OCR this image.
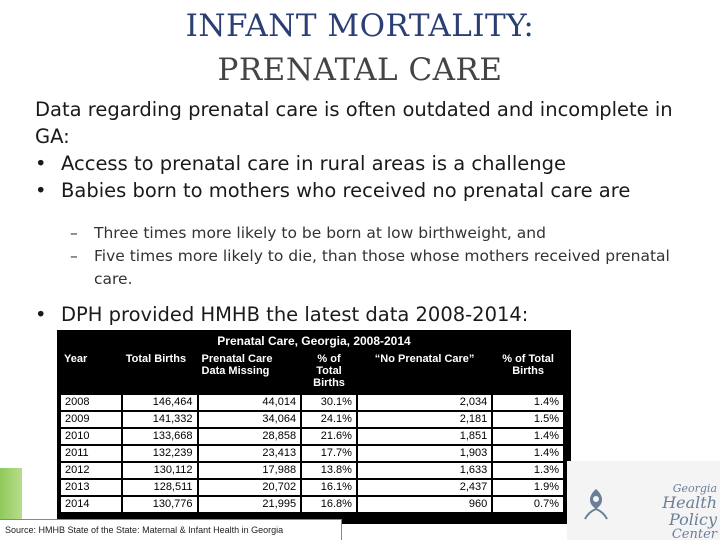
INFANT MORTALITY:
PRENATAL CARE
Data regarding prenatal care is often outdated and incomplete in GA:
• Access to prenatal care in rural areas is a challenge
• Babies born to mothers who received no prenatal care are
– Three times more likely to be born at low birthweight, and
– Five times more likely to die, than those whose mothers received prenatal care.
• DPH provided HMHB the latest data 2008-2014:
Prenatal Care, Georgia, 2008-2014
Year	Total Births	Prenatal Care Data Missing	% of Total Births	“No Prenatal Care”	% of Total Births
2008	146,464	44,014	30.1%	2,034	1.4%
2009	141,332	34,064	24.1%	2,181	1.5%
2010	133,668	28,858	21.6%	1,851	1.4%
2011	132,239	23,413	17.7%	1,903	1.4%
2012	130,112	17,988	13.8%	1,633	1.3%
2013	128,511	20,702	16.1%	2,437	1.9%
2014	130,776	21,995	16.8%	960	0.7%
Source: HMHB State of the State: Maternal & Infant Health in Georgia
Georgia
Health Policy
Center
